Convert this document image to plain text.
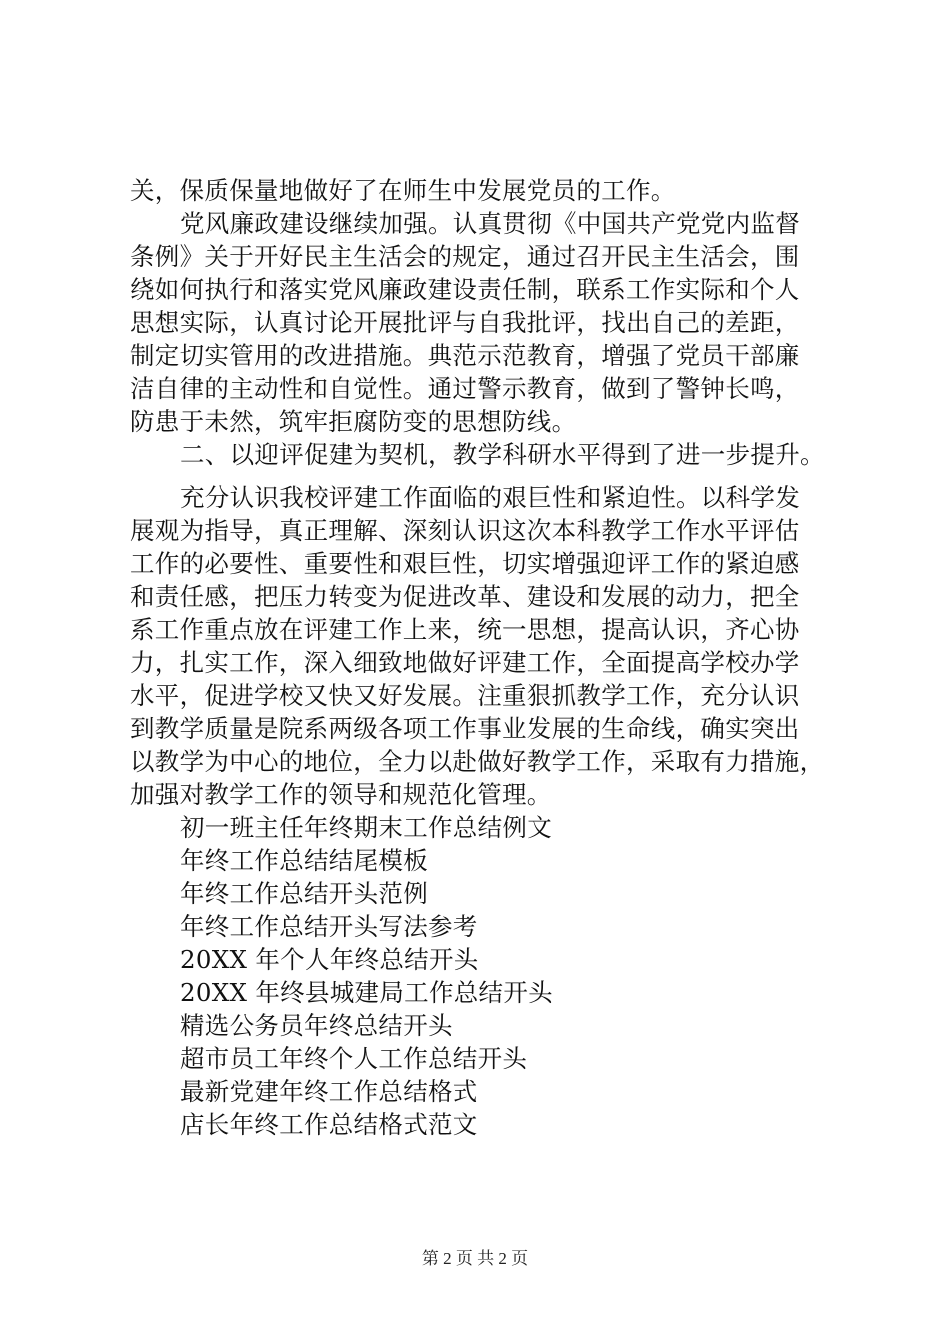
关，保质保量地做好了在师生中发展党员的工作。
党风廉政建设继续加强。认真贯彻《中国共产党党内监督
条例》关于开好民主生活会的规定，通过召开民主生活会，围
绕如何执行和落实党风廉政建设责任制，联系工作实际和个人
思想实际，认真讨论开展批评与自我批评，找出自己的差距，
制定切实管用的改进措施。典范示范教育，增强了党员干部廉
洁自律的主动性和自觉性。通过警示教育，做到了警钟长鸣，
防患于未然，筑牢拒腐防变的思想防线。
二、以迎评促建为契机，教学科研水平得到了进一步提升。
充分认识我校评建工作面临的艰巨性和紧迫性。以科学发
展观为指导，真正理解、深刻认识这次本科教学工作水平评估
工作的必要性、重要性和艰巨性，切实增强迎评工作的紧迫感
和责任感，把压力转变为促进改革、建设和发展的动力，把全
系工作重点放在评建工作上来，统一思想，提高认识，齐心协
力，扎实工作，深入细致地做好评建工作，全面提高学校办学
水平，促进学校又快又好发展。注重狠抓教学工作，充分认识
到教学质量是院系两级各项工作事业发展的生命线，确实突出
以教学为中心的地位，全力以赴做好教学工作，采取有力措施，
加强对教学工作的领导和规范化管理。
初一班主任年终期末工作总结例文
年终工作总结结尾模板
年终工作总结开头范例
年终工作总结开头写法参考
20XX 年个人年终总结开头
20XX 年终县城建局工作总结开头
精选公务员年终总结开头
超市员工年终个人工作总结开头
最新党建年终工作总结格式
店长年终工作总结格式范文
第 2 页 共 2 页
